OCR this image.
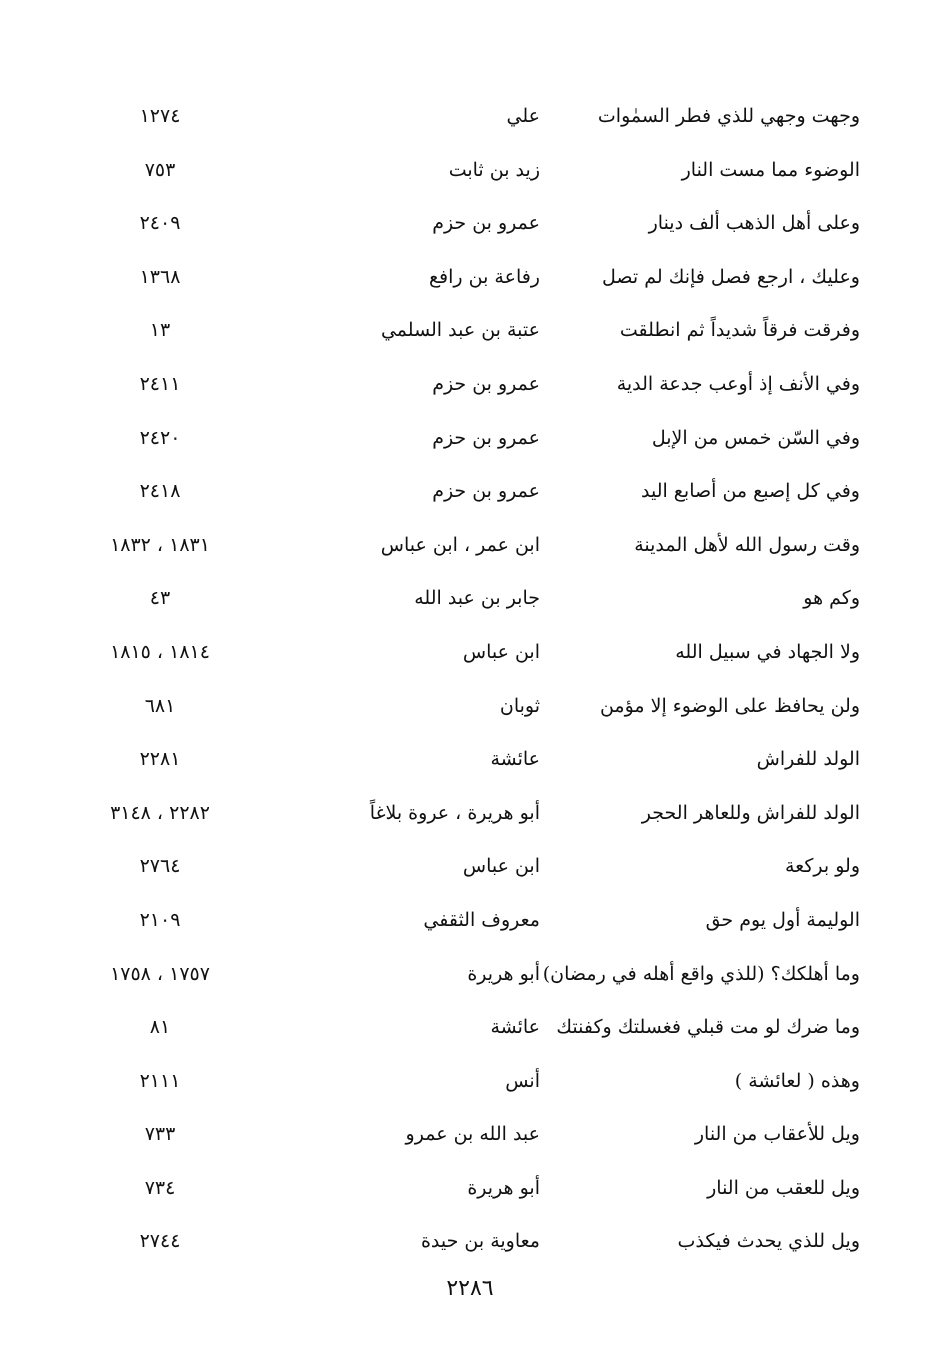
وجهت وجهي للذي فطر السمٰوات
علي
١٢٧٤
الوضوء مما مست النار
زيد بن ثابت
٧٥٣
وعلى أهل الذهب ألف دينار
عمرو بن حزم
٢٤٠٩
وعليك ، ارجع فصل فإنك لم تصل
رفاعة بن رافع
١٣٦٨
وفرقت فرقاً شديداً ثم انطلقت
عتبة بن عبد السلمي
١٣
وفي الأنف إذ أوعب جدعة الدية
عمرو بن حزم
٢٤١١
وفي السّن خمس من الإبل
عمرو بن حزم
٢٤٢٠
وفي كل إصبع من أصابع اليد
عمرو بن حزم
٢٤١٨
وقت رسول الله لأهل المدينة
ابن عمر ، ابن عباس
١٨٣١ ، ١٨٣٢
وكم هو
جابر بن عبد الله
٤٣
ولا الجهاد في سبيل الله
ابن عباس
١٨١٤ ، ١٨١٥
ولن يحافظ على الوضوء إلا مؤمن
ثوبان
٦٨١
الولد للفراش
عائشة
٢٢٨١
الولد للفراش وللعاهر الحجر
أبو هريرة ، عروة بلاغاً
٢٢٨٢ ، ٣١٤٨
ولو بركعة
ابن عباس
٢٧٦٤
الوليمة أول يوم حق
معروف الثقفي
٢١٠٩
وما أهلكك؟ (للذي واقع أهله في رمضان)
أبو هريرة
١٧٥٧ ، ١٧٥٨
وما ضرك لو مت قبلي فغسلتك وكفنتك
عائشة
٨١
وهذه ( لعائشة )
أنس
٢١١١
ويل للأعقاب من النار
عبد الله بن عمرو
٧٣٣
ويل للعقب من النار
أبو هريرة
٧٣٤
ويل للذي يحدث فيكذب
معاوية بن حيدة
٢٧٤٤
٢٢٨٦
